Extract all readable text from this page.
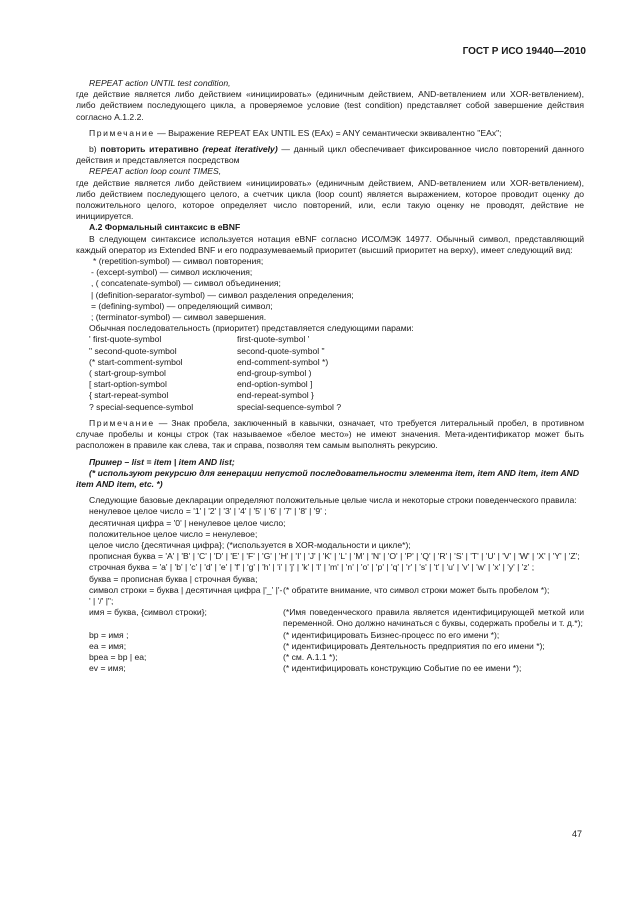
ГОСТ Р ИСО 19440—2010

REPEAT action UNTIL test condition,

где действие является либо действием «инициировать» (единичным действием, AND-ветвлением или XOR-ветвлением), либо действием последующего цикла, а проверяемое условие (test condition) представляет собой завершение действия согласно А.1.2.2.

Примечание — Выражение REPEAT EAx UNTIL ES (EAx) = ANY семантически эквивалентно "EAx";

b) повторить итеративно (repeat iteratively) — данный цикл обеспечивает фиксированное число повторений данного действия и представляется посредством

REPEAT action loop count TIMES,

где действие является либо действием «инициировать» (единичным действием, AND-ветвлением или XOR-ветвлением), либо действием последующего целого, а счетчик цикла (loop count) является выражением, которое проводит оценку до положительного целого, которое определяет число повторений, или, если такую оценку не проводят, действие не инициируется.

А.2 Формальный синтаксис в eBNF

В следующем синтаксисе используется нотация eBNF согласно ИСО/МЭК 14977. Обычный символ, представляющий каждый оператор из Extended BNF и его подразумеваемый приоритет (высший приоритет на верху), имеет следующий вид:

* (repetition-symbol) — символ повторения;

- (except-symbol) — символ исключения;

, ( concatenate-symbol) — символ объединения;

| (definition-separator-symbol) — символ разделения определения;

= (defining-symbol) — определяющий символ;

; (terminator-symbol) — символ завершения.

Обычная последовательность (приоритет) представляется следующими парами:

' first-quote-symbol	first-quote-symbol '
" second-quote-symbol	second-quote-symbol "
(* start-comment-symbol	end-comment-symbol *)
( start-group-symbol	end-group-symbol )
[ start-option-symbol	end-option-symbol ]
{ start-repeat-symbol	end-repeat-symbol }
? special-sequence-symbol	special-sequence-symbol ?

Примечание — Знак пробела, заключенный в кавычки, означает, что требуется литеральный пробел, в противном случае пробелы и концы строк (так называемое «белое место») не имеют значения. Мета-идентификатор может быть расположен в правиле как слева, так и справа, позволяя тем самым выполнять рекурсию.

Пример – list = item | item AND list;

(* используют рекурсию для генерации непустой последовательности элемента item, item AND item, item AND item AND item, etc. *)

Следующие базовые декларации определяют положительные целые числа и некоторые строки поведенческого правила:

ненулевое целое число = '1' | '2' | '3' | '4' | '5' | '6' | '7' | '8' | '9' ;

десятичная цифра = '0' | ненулевое целое число;

положительное целое число = ненулевое;

целое число {десятичная цифра}; (*используется в XOR-модальности и цикле*);

прописная буква = 'A' | 'B' | 'C' | 'D' | 'E' | 'F' | 'G' | 'H' | 'I' | 'J' | 'K' | 'L' | 'M' | 'N' | 'O' | 'P' | 'Q' | 'R' | 'S' | 'T' | 'U' | 'V' | 'W' | 'X' | 'Y' | 'Z';

строчная буква = 'a' | 'b' | 'c' | 'd' | 'e' | 'f' | 'g' | 'h' | 'i' | 'j' | 'k' | 'l' | 'm' | 'n' | 'o' | 'p' | 'q' | 'r' | 's' | 't' | 'u' | 'v' | 'w' | 'x' | 'y' | 'z' ;

буква = прописная буква | строчная буква;

символ строки = буква | десятичная цифра |'_' |'-' | '/' |";
(* обратите внимание, что символ строки может быть пробелом *);
имя = буква, {символ строки};	(*Имя поведенческого правила является идентифицирующей меткой или переменной. Оно должно начинаться с буквы, содержать пробелы и т. д.*);
bp = имя ;	(* идентифицировать Бизнес-процесс по его имени *);
ea = имя;	(* идентифицировать Деятельность предприятия по его имени *);
bpea = bp | ea;	(* см. А.1.1 *);
ev = имя;	(* идентифицировать конструкцию Событие по ее имени *);
47
